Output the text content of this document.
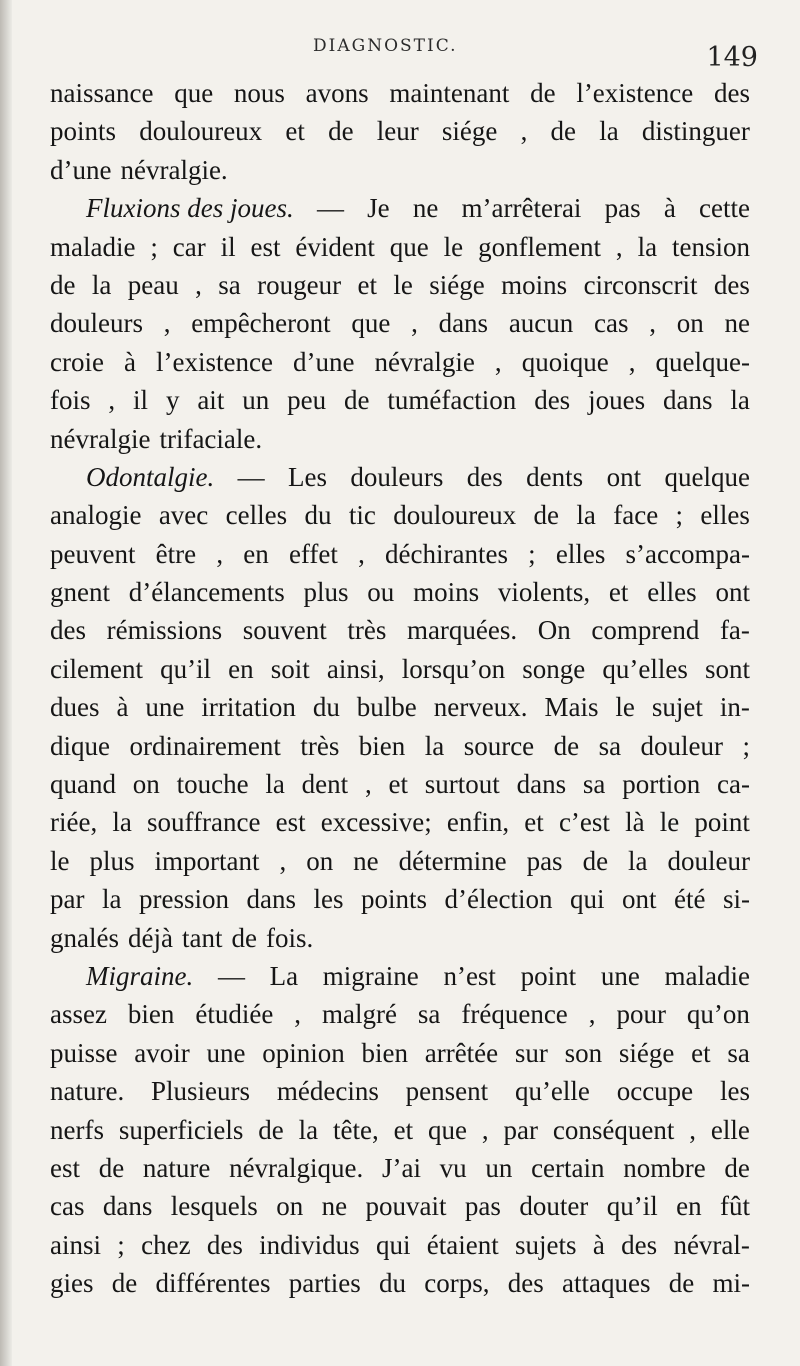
DIAGNOSTIC.	149
naissance que nous avons maintenant de l’existence des
points douloureux et de leur siége , de la distinguer
d’une névralgie.
Fluxions des joues. — Je ne m’arrêterai pas à cette
maladie ; car il est évident que le gonflement , la tension
de la peau , sa rougeur et le siége moins circonscrit des
douleurs , empêcheront que , dans aucun cas , on ne
croie à l’existence d’une névralgie , quoique , quelque-
fois , il y ait un peu de tuméfaction des joues dans la
névralgie trifaciale.
Odontalgie. — Les douleurs des dents ont quelque
analogie avec celles du tic douloureux de la face ; elles
peuvent être , en effet , déchirantes ; elles s’accompa-
gnent d’élancements plus ou moins violents, et elles ont
des rémissions souvent très marquées. On comprend fa-
cilement qu’il en soit ainsi, lorsqu’on songe qu’elles sont
dues à une irritation du bulbe nerveux. Mais le sujet in-
dique ordinairement très bien la source de sa douleur ;
quand on touche la dent , et surtout dans sa portion ca-
riée, la souffrance est excessive; enfin, et c’est là le point
le plus important , on ne détermine pas de la douleur
par la pression dans les points d’élection qui ont été si-
gnalés déjà tant de fois.
Migraine. — La migraine n’est point une maladie
assez bien étudiée , malgré sa fréquence , pour qu’on
puisse avoir une opinion bien arrêtée sur son siége et sa
nature. Plusieurs médecins pensent qu’elle occupe les
nerfs superficiels de la tête, et que , par conséquent , elle
est de nature névralgique. J’ai vu un certain nombre de
cas dans lesquels on ne pouvait pas douter qu’il en fût
ainsi ; chez des individus qui étaient sujets à des névral-
gies de différentes parties du corps, des attaques de mi-
